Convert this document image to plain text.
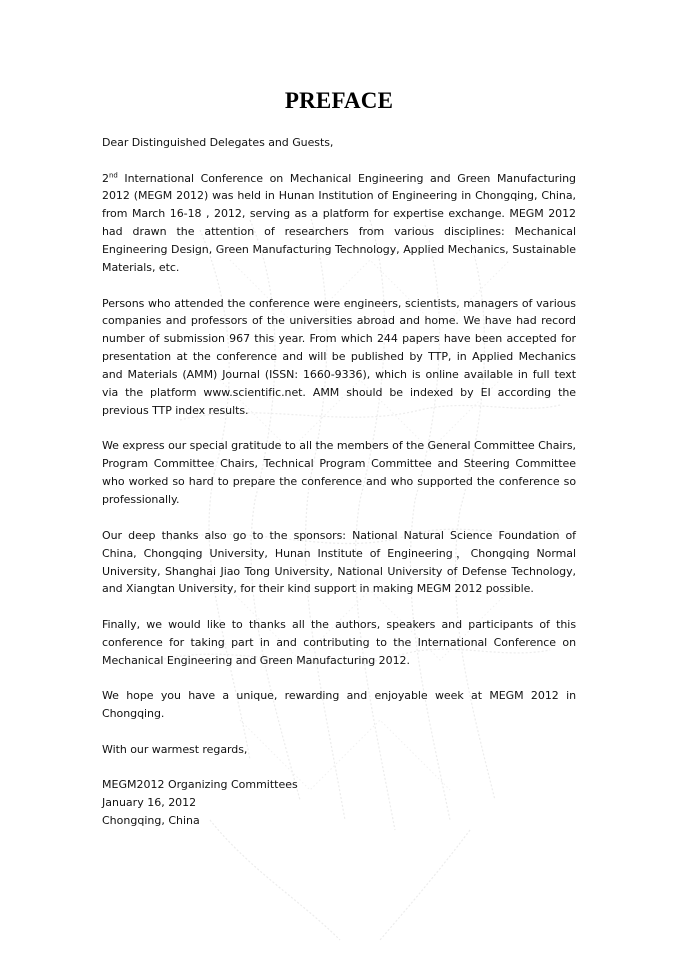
PREFACE

Dear Distinguished Delegates and Guests,

2nd International Conference on Mechanical Engineering and Green Manufacturing 2012 (MEGM 2012) was held in Hunan Institution of Engineering in Chongqing, China, from March 16-18 , 2012, serving as a platform for expertise exchange. MEGM 2012 had drawn the attention of researchers from various disciplines: Mechanical Engineering Design, Green Manufacturing Technology, Applied Mechanics, Sustainable Materials, etc.

Persons who attended the conference were engineers, scientists, managers of various companies and professors of the universities abroad and home. We have had record number of submission 967 this year. From which 244 papers have been accepted for presentation at the conference and will be published by TTP, in Applied Mechanics and Materials (AMM) Journal (ISSN: 1660-9336), which is online available in full text via the platform www.scientific.net. AMM should be indexed by EI according the previous TTP index results.

We express our special gratitude to all the members of the General Committee Chairs, Program Committee Chairs, Technical Program Committee and Steering Committee who worked so hard to prepare the conference and who supported the conference so professionally.

Our deep thanks also go to the sponsors: National Natural Science Foundation of China, Chongqing University, Hunan Institute of Engineering，Chongqing Normal University, Shanghai Jiao Tong University, National University of Defense Technology, and Xiangtan University, for their kind support in making MEGM 2012 possible.

Finally, we would like to thanks all the authors, speakers and participants of this conference for taking part in and contributing to the International Conference on Mechanical Engineering and Green Manufacturing 2012.

We hope you have a unique, rewarding and enjoyable week at MEGM 2012 in Chongqing.

With our warmest regards,

MEGM2012 Organizing Committees

January 16, 2012

Chongqing, China
